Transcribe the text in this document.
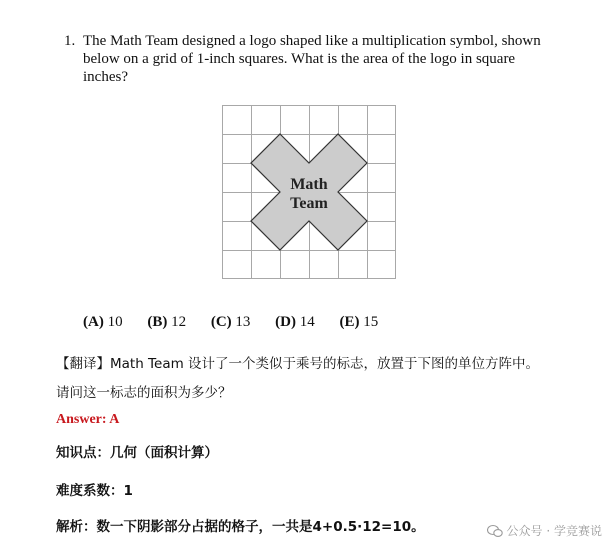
1. The Math Team designed a logo shaped like a multiplication symbol, shown below on a grid of 1-inch squares. What is the area of the logo in square inches?
Math
Team
(A) 10 (B) 12 (C) 13 (D) 14 (E) 15
【翻译】Math Team 设计了一个类似于乘号的标志，放置于下图的单位方阵中。
请问这一标志的面积为多少？
Answer: A
知识点：几何（面积计算）
难度系数：1
解析：数一下阴影部分占据的格子，一共是4+0.5·12=10。	公众号 · 学竞赛说
